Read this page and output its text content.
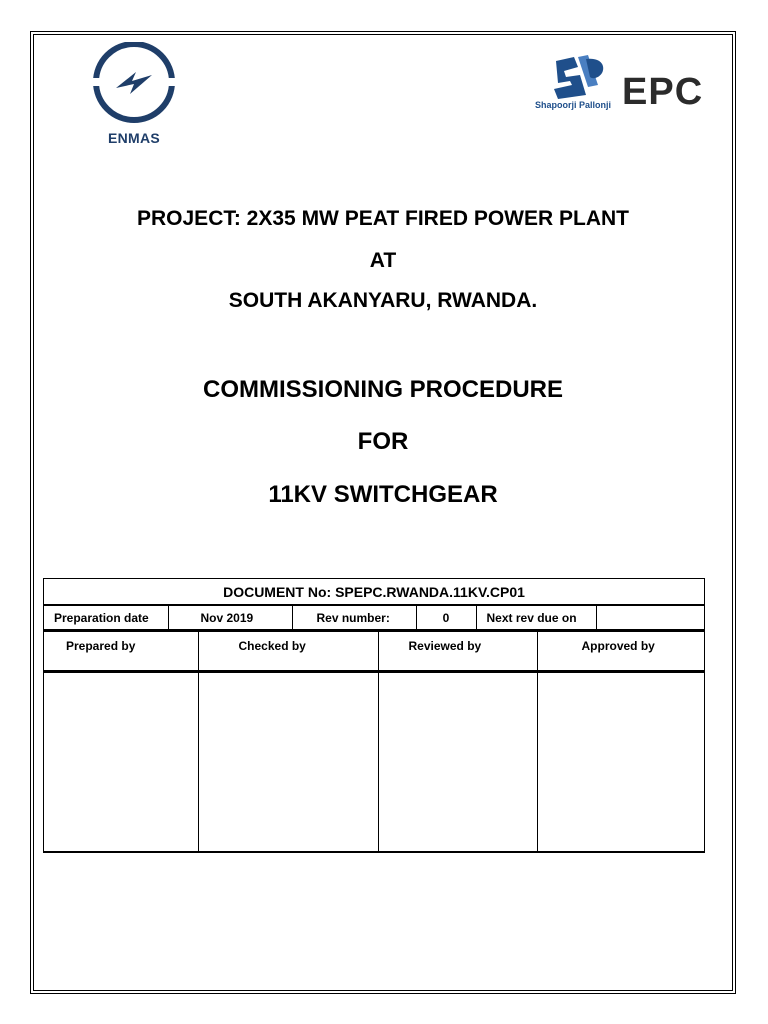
ENMAS
Shapoorji Pallonji EPC
PROJECT: 2X35 MW PEAT FIRED POWER PLANT
AT
SOUTH AKANYARU, RWANDA.
COMMISSIONING PROCEDURE
FOR
11KV SWITCHGEAR
DOCUMENT No: SPEPC.RWANDA.11KV.CP01

Preparation date	Nov 2019	Rev number:	0	Next rev due on	

Prepared by	Checked by	Reviewed by	Approved by
